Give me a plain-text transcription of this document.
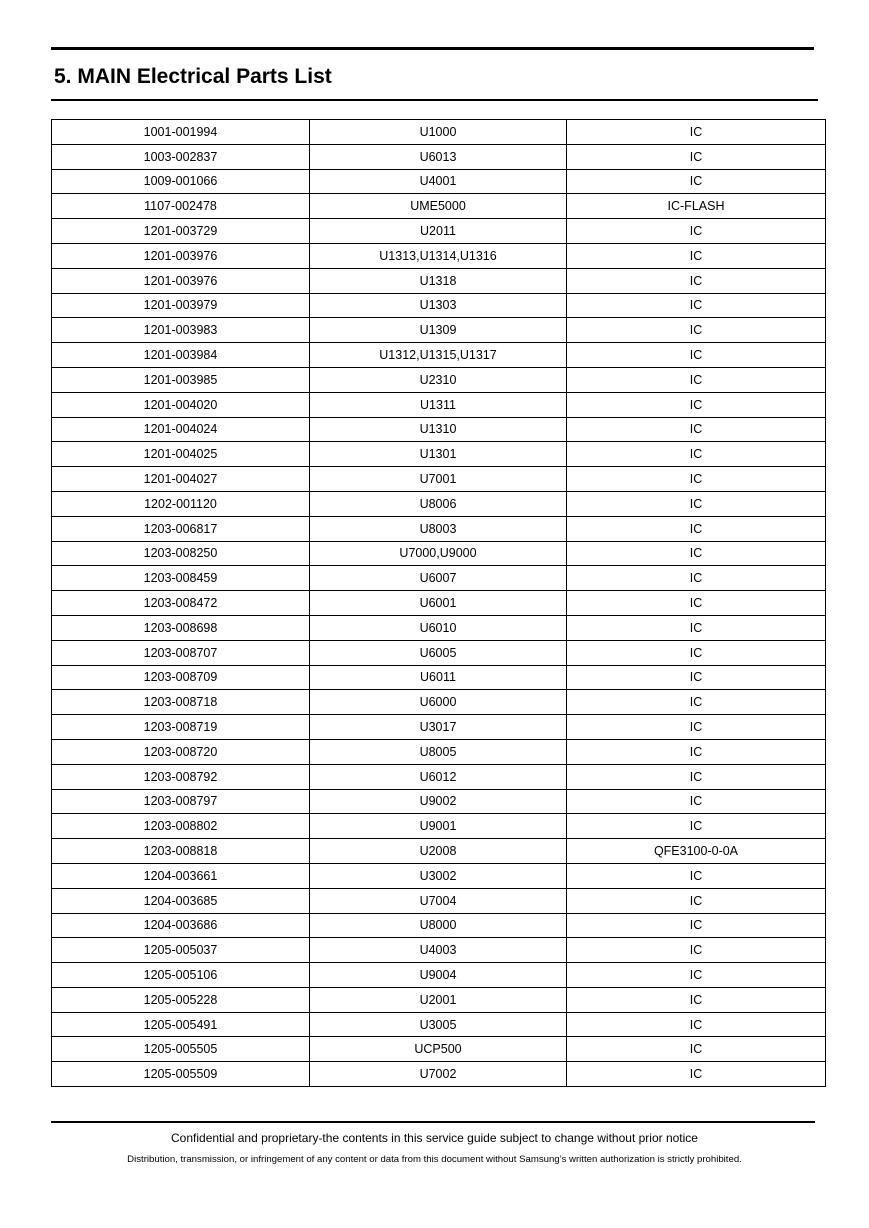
5. MAIN Electrical Parts List
1001-001994	U1000	IC
1003-002837	U6013	IC
1009-001066	U4001	IC
1107-002478	UME5000	IC-FLASH
1201-003729	U2011	IC
1201-003976	U1313,U1314,U1316	IC
1201-003976	U1318	IC
1201-003979	U1303	IC
1201-003983	U1309	IC
1201-003984	U1312,U1315,U1317	IC
1201-003985	U2310	IC
1201-004020	U1311	IC
1201-004024	U1310	IC
1201-004025	U1301	IC
1201-004027	U7001	IC
1202-001120	U8006	IC
1203-006817	U8003	IC
1203-008250	U7000,U9000	IC
1203-008459	U6007	IC
1203-008472	U6001	IC
1203-008698	U6010	IC
1203-008707	U6005	IC
1203-008709	U6011	IC
1203-008718	U6000	IC
1203-008719	U3017	IC
1203-008720	U8005	IC
1203-008792	U6012	IC
1203-008797	U9002	IC
1203-008802	U9001	IC
1203-008818	U2008	QFE3100-0-0A
1204-003661	U3002	IC
1204-003685	U7004	IC
1204-003686	U8000	IC
1205-005037	U4003	IC
1205-005106	U9004	IC
1205-005228	U2001	IC
1205-005491	U3005	IC
1205-005505	UCP500	IC
1205-005509	U7002	IC
Confidential and proprietary-the contents in this service guide subject to change without prior notice
Distribution, transmission, or infringement of any content or data from this document without Samsung’s written authorization is strictly prohibited.
